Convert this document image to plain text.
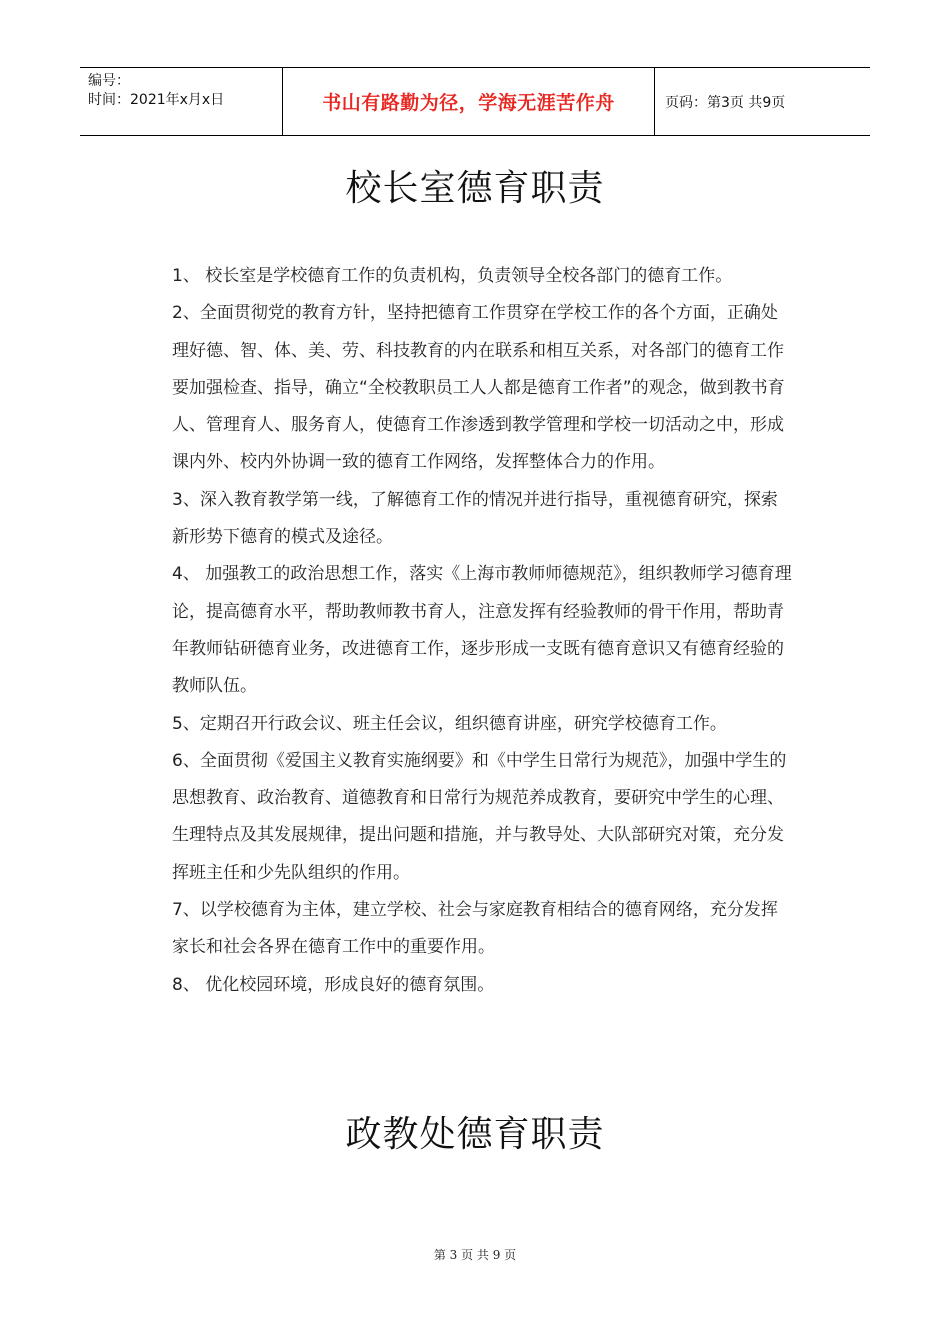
编号：
时间：2021年x月x日	书山有路勤为径，学海无涯苦作舟	页码：第3页 共9页
校长室德育职责

1、 校长室是学校德育工作的负责机构，负责领导全校各部门的德育工作。

2、全面贯彻党的教育方针，坚持把德育工作贯穿在学校工作的各个方面，正确处理好德、智、体、美、劳、科技教育的内在联系和相互关系，对各部门的德育工作要加强检查、指导，确立“全校教职员工人人都是德育工作者”的观念，做到教书育人、管理育人、服务育人，使德育工作渗透到教学管理和学校一切活动之中，形成课内外、校内外协调一致的德育工作网络，发挥整体合力的作用。

3、深入教育教学第一线，了解德育工作的情况并进行指导，重视德育研究，探索新形势下德育的模式及途径。

4、 加强教工的政治思想工作，落实《上海市教师师德规范》，组织教师学习德育理论，提高德育水平，帮助教师教书育人，注意发挥有经验教师的骨干作用，帮助青年教师钻研德育业务，改进德育工作，逐步形成一支既有德育意识又有德育经验的教师队伍。

5、定期召开行政会议、班主任会议，组织德育讲座，研究学校德育工作。

6、全面贯彻《爱国主义教育实施纲要》和《中学生日常行为规范》，加强中学生的思想教育、政治教育、道德教育和日常行为规范养成教育，要研究中学生的心理、生理特点及其发展规律，提出问题和措施，并与教导处、大队部研究对策，充分发挥班主任和少先队组织的作用。

7、以学校德育为主体，建立学校、社会与家庭教育相结合的德育网络，充分发挥家长和社会各界在德育工作中的重要作用。

8、 优化校园环境，形成良好的德育氛围。

政教处德育职责
第 3 页 共 9 页
